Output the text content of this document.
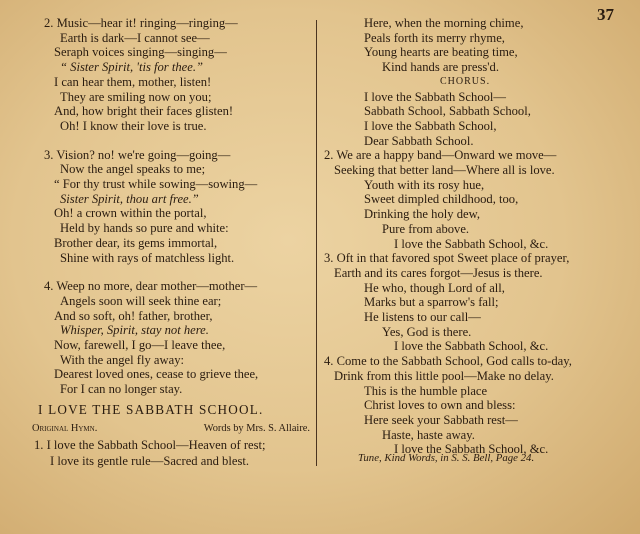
37
2. Music—hear it! ringing—ringing—
Earth is dark—I cannot see—
Seraph voices singing—singing—
“ Sister Spirit, 'tis for thee.”
I can hear them, mother, listen!
They are smiling now on you;
And, how bright their faces glisten!
Oh! I know their love is true.
3. Vision? no! we're going—going—
Now the angel speaks to me;
“ For thy trust while sowing—sowing—
Sister Spirit, thou art free.”
Oh! a crown within the portal,
Held by hands so pure and white:
Brother dear, its gems immortal,
Shine with rays of matchless light.
4. Weep no more, dear mother—mother—
Angels soon will seek thine ear;
And so soft, oh! father, brother,
Whisper, Spirit, stay not here.
Now, farewell, I go—I leave thee,
With the angel fly away:
Dearest loved ones, cease to grieve thee,
For I can no longer stay.
I LOVE THE SABBATH SCHOOL.
Original Hymn.	Words by Mrs. S. Allaire.
1. I love the Sabbath School—Heaven of rest;
I love its gentle rule—Sacred and blest.
Here, when the morning chime,
Peals forth its merry rhyme,
Young hearts are beating time,
Kind hands are press'd.
CHORUS.
I love the Sabbath School—
Sabbath School, Sabbath School,
I love the Sabbath School,
Dear Sabbath School.
2. We are a happy band—Onward we move—
Seeking that better land—Where all is love.
Youth with its rosy hue,
Sweet dimpled childhood, too,
Drinking the holy dew,
Pure from above.
I love the Sabbath School, &c.
3. Oft in that favored spot Sweet place of prayer,
Earth and its cares forgot—Jesus is there.
He who, though Lord of all,
Marks but a sparrow's fall;
He listens to our call—
Yes, God is there.
I love the Sabbath School, &c.
4. Come to the Sabbath School, God calls to-day,
Drink from this little pool—Make no delay.
This is the humble place
Christ loves to own and bless:
Here seek your Sabbath rest—
Haste, haste away.
I love the Sabbath School, &c.
Tune, Kind Words, in S. S. Bell, Page 24.
